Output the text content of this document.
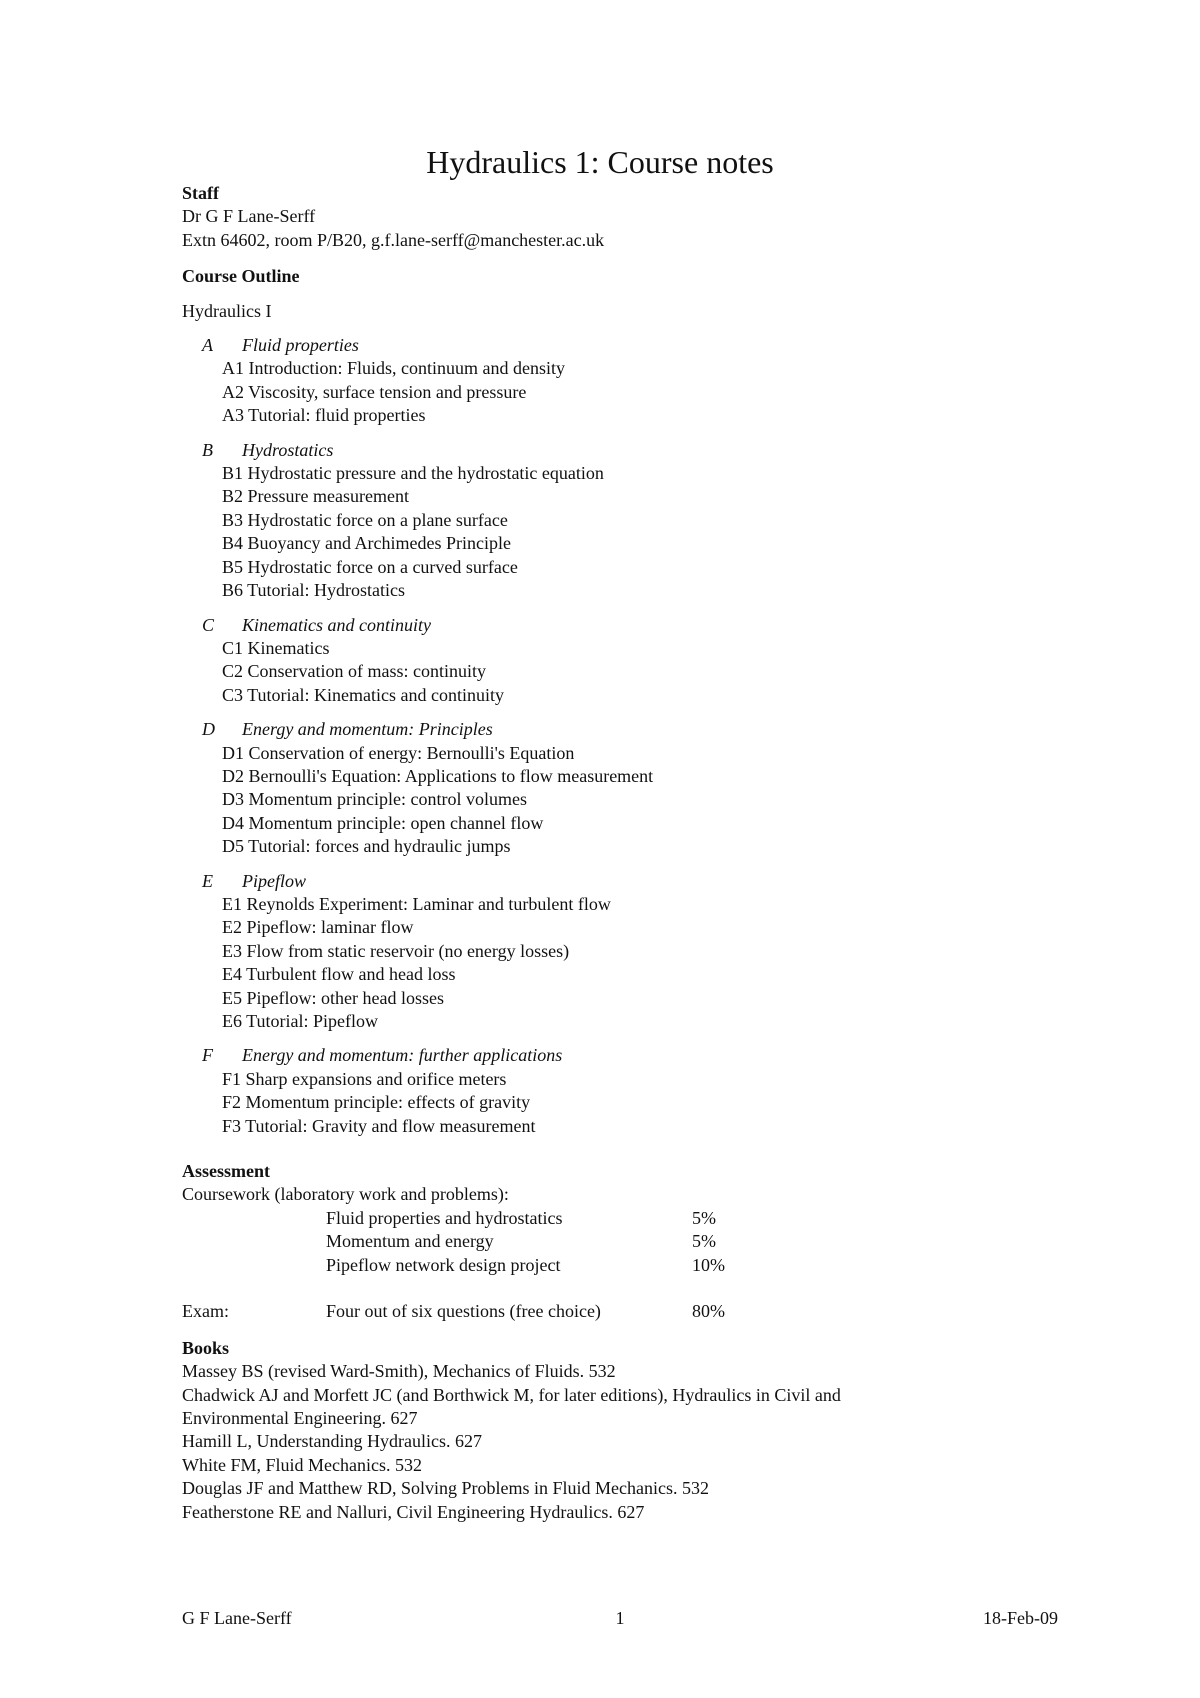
Hydraulics 1: Course notes
Staff
Dr G F Lane-Serff
Extn 64602, room P/B20, g.f.lane-serff@manchester.ac.uk
Course Outline
Hydraulics I
A	Fluid properties
A1 Introduction: Fluids, continuum and density
A2 Viscosity, surface tension and pressure
A3 Tutorial: fluid properties
B	Hydrostatics
B1 Hydrostatic pressure and the hydrostatic equation
B2 Pressure measurement
B3 Hydrostatic force on a plane surface
B4 Buoyancy and Archimedes Principle
B5 Hydrostatic force on a curved surface
B6 Tutorial: Hydrostatics
C	Kinematics and continuity
C1 Kinematics
C2 Conservation of mass: continuity
C3 Tutorial: Kinematics and continuity
D	Energy and momentum: Principles
D1 Conservation of energy: Bernoulli's Equation
D2 Bernoulli's Equation: Applications to flow measurement
D3 Momentum principle: control volumes
D4 Momentum principle: open channel flow
D5 Tutorial: forces and hydraulic jumps
E	Pipeflow
E1 Reynolds Experiment: Laminar and turbulent flow
E2 Pipeflow: laminar flow
E3 Flow from static reservoir (no energy losses)
E4 Turbulent flow and head loss
E5 Pipeflow: other head losses
E6 Tutorial: Pipeflow
F	Energy and momentum: further applications
F1 Sharp expansions and orifice meters
F2 Momentum principle: effects of gravity
F3 Tutorial: Gravity and flow measurement
Assessment
Coursework (laboratory work and problems):
	Fluid properties and hydrostatics	5%
	Momentum and energy	5%
	Pipeflow network design project	10%

Exam:	Four out of six questions (free choice)	80%
Books
Massey BS (revised Ward-Smith), Mechanics of Fluids. 532
Chadwick AJ and Morfett JC (and Borthwick M, for later editions), Hydraulics in Civil and
Environmental Engineering. 627
Hamill L, Understanding Hydraulics. 627
White FM, Fluid Mechanics. 532
Douglas JF and Matthew RD, Solving Problems in Fluid Mechanics. 532
Featherstone RE and Nalluri, Civil Engineering Hydraulics. 627
G F Lane-Serff	1	18-Feb-09
